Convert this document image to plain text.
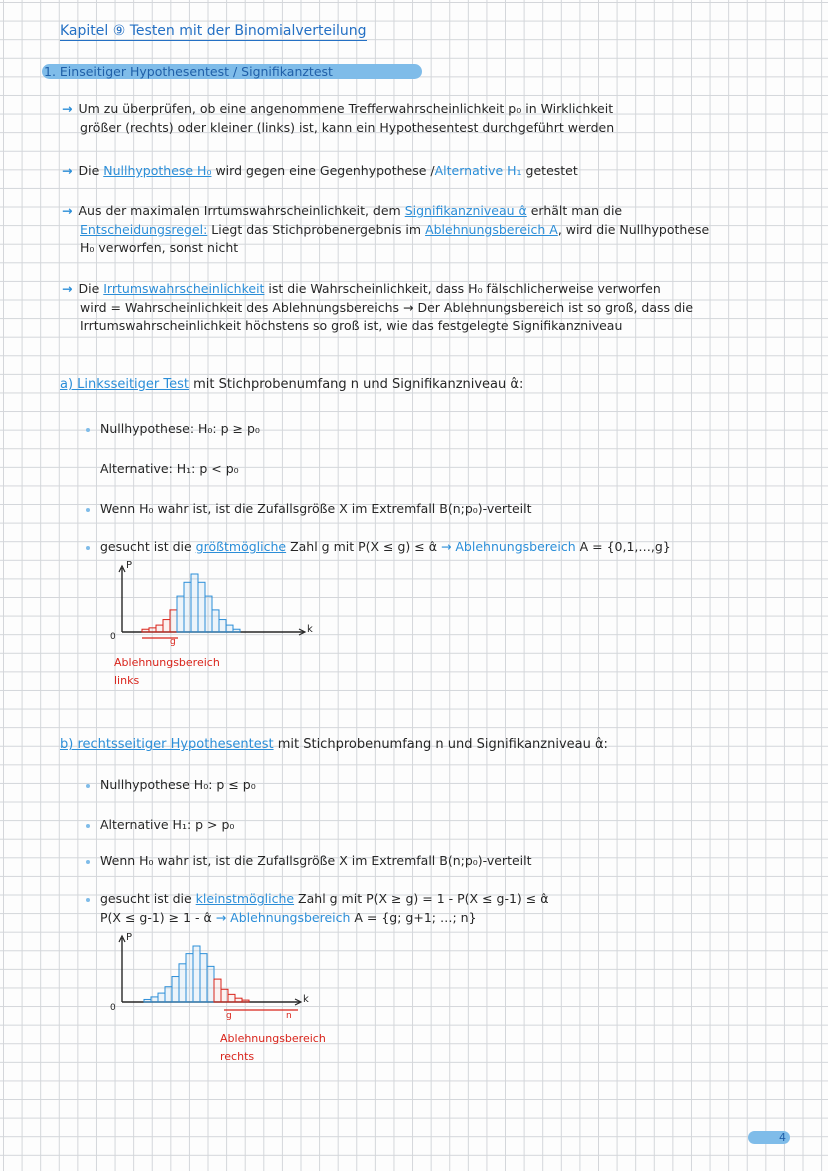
Kapitel ⑨ Testen mit der Binomialverteilung
1. Einseitiger Hypothesentest / Signifikanztest
→ Um zu überprüfen, ob eine angenommene Trefferwahrscheinlichkeit p₀ in Wirklichkeit
größer (rechts) oder kleiner (links) ist, kann ein Hypothesentest durchgeführt werden
→ Die Nullhypothese H₀ wird gegen eine Gegenhypothese /Alternative H₁ getestet
→ Aus der maximalen Irrtumswahrscheinlichkeit, dem Signifikanzniveau α̂ erhält man die
Entscheidungsregel: Liegt das Stichprobenergebnis im Ablehnungsbereich A, wird die Nullhypothese
H₀ verworfen, sonst nicht
→ Die Irrtumswahrscheinlichkeit ist die Wahrscheinlichkeit, dass H₀ fälschlicherweise verworfen
wird = Wahrscheinlichkeit des Ablehnungsbereichs → Der Ablehnungsbereich ist so groß, dass die
Irrtumswahrscheinlichkeit höchstens so groß ist, wie das festgelegte Signifikanzniveau
a) Linksseitiger Test mit Stichprobenumfang n und Signifikanzniveau α̂:
Nullhypothese: H₀: p ≥ p₀
Alternative: H₁: p < p₀
Wenn H₀ wahr ist, ist die Zufallsgröße X im Extremfall B(n;p₀)-verteilt
gesucht ist die größtmögliche Zahl g mit P(X ≤ g) ≤ α̂ → Ablehnungsbereich A = {0,1,…,g}
P
k
0	g
Ablehnungsbereich
links
b) rechtsseitiger Hypothesentest mit Stichprobenumfang n und Signifikanzniveau α̂:
Nullhypothese H₀: p ≤ p₀
Alternative H₁: p > p₀
Wenn H₀ wahr ist, ist die Zufallsgröße X im Extremfall B(n;p₀)-verteilt
gesucht ist die kleinstmögliche Zahl g mit P(X ≥ g) = 1 - P(X ≤ g-1) ≤ α̂
P(X ≤ g-1) ≥ 1 - α̂ → Ablehnungsbereich A = {g; g+1; …; n}
P
k
0
g	n
Ablehnungsbereich
rechts
4
